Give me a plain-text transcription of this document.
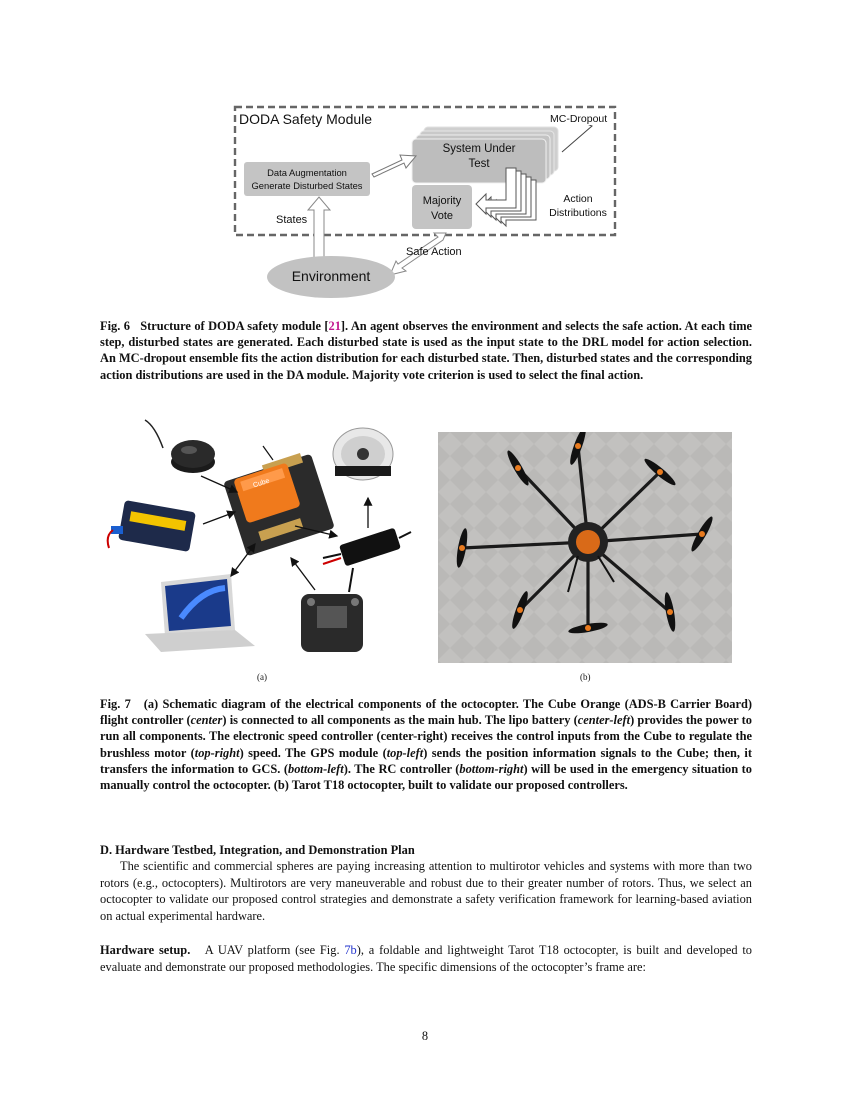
DODA Safety Module	MC-Dropout
System Under
Test
Data Augmentation
Generate Disturbed States
Majority
Vote
Action
Distributions
States
Safe Action
Environment
Fig. 6 Structure of DODA safety module [21]. An agent observes the environment and selects the safe action. At each time step, disturbed states are generated. Each disturbed state is used as the input state to the DRL model for action selection. An MC-dropout ensemble fits the action distribution for each disturbed state. Then, disturbed states and the corresponding action distributions are used in the DA module. Majority vote criterion is used to select the final action.
Cube
(a)	(b)
Fig. 7 (a) Schematic diagram of the electrical components of the octocopter. The Cube Orange (ADS-B Carrier Board) flight controller (center) is connected to all components as the main hub. The lipo battery (center-left) provides the power to run all components. The electronic speed controller (center-right) receives the control inputs from the Cube to regulate the brushless motor (top-right) speed. The GPS module (top-left) sends the position information signals to the Cube; then, it transfers the information to GCS. (bottom-left). The RC controller (bottom-right) will be used in the emergency situation to manually control the octocopter. (b) Tarot T18 octocopter, built to validate our proposed controllers.
D. Hardware Testbed, Integration, and Demonstration Plan
The scientific and commercial spheres are paying increasing attention to multirotor vehicles and systems with more than two rotors (e.g., octocopters). Multirotors are very maneuverable and robust due to their greater number of rotors. Thus, we select an octocopter to validate our proposed control strategies and demonstrate a safety verification framework for learning-based aviation on actual experimental hardware.
Hardware setup. A UAV platform (see Fig. 7b), a foldable and lightweight Tarot T18 octocopter, is built and developed to evaluate and demonstrate our proposed methodologies. The specific dimensions of the octocopter’s frame are:
8
